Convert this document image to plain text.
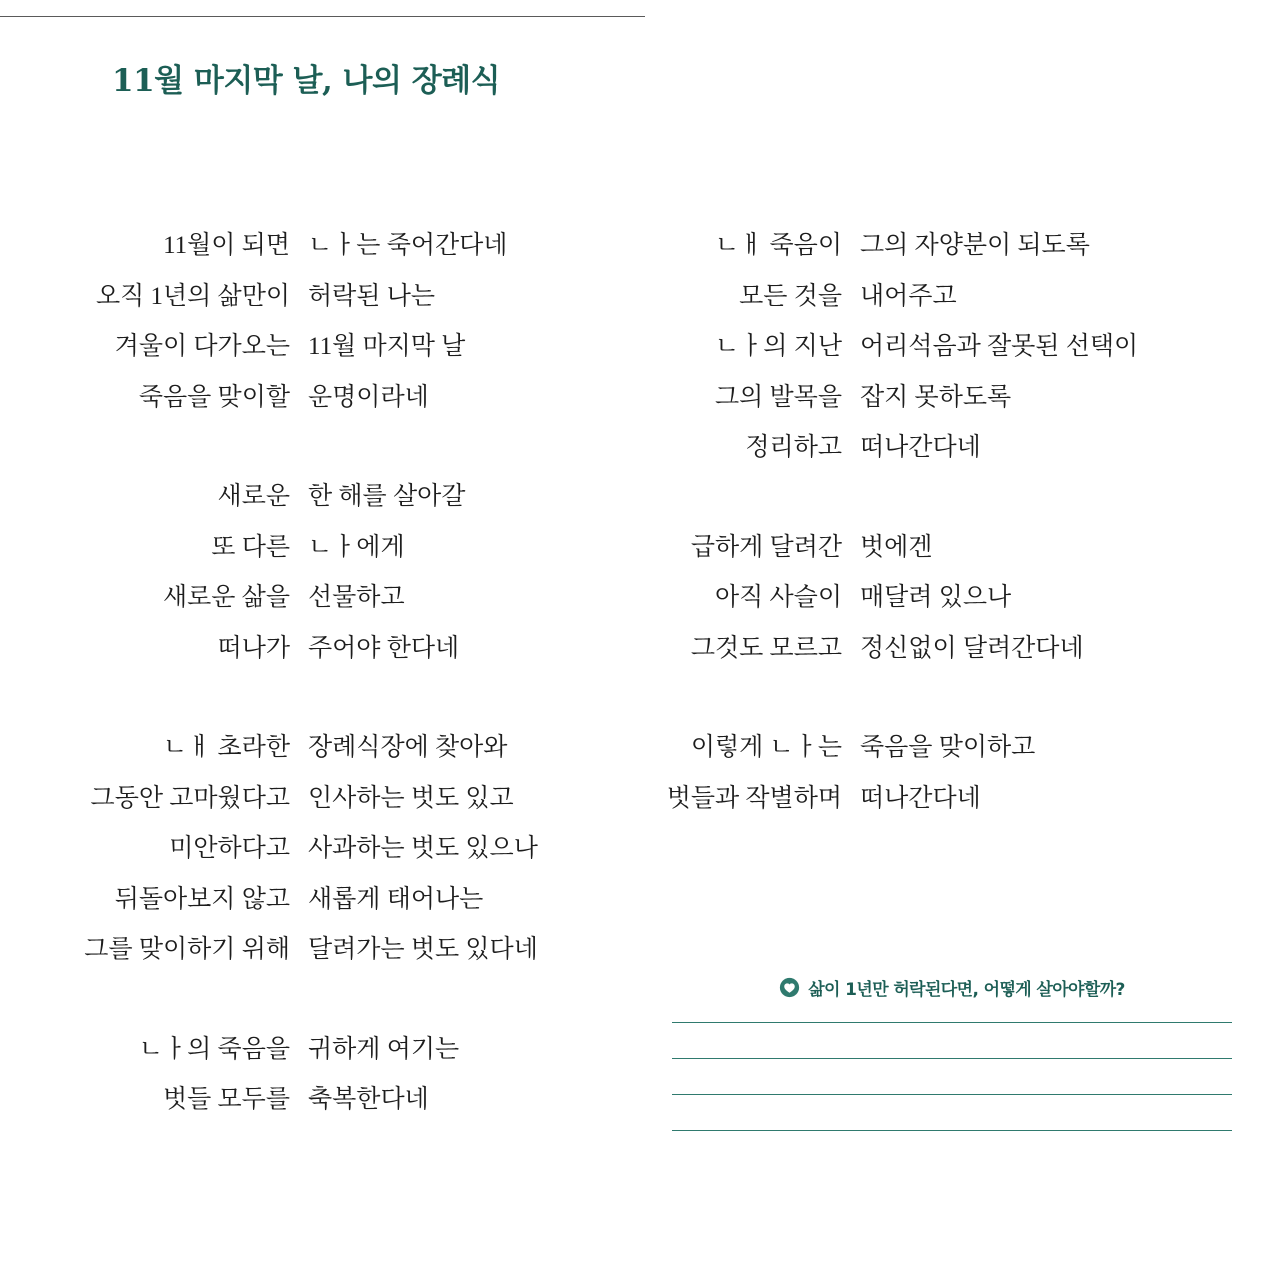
11월 마지막 날, 나의 장례식
11월이 되면 ㄴㅏ는 죽어간다네
오직 1년의 삶만이 허락된 나는
겨울이 다가오는 11월 마지막 날
죽음을 맞이할 운명이라네
새로운 한 해를 살아갈
또 다른 ㄴㅏ에게
새로운 삶을 선물하고
떠나가 주어야 한다네
ㄴㅐ 초라한 장례식장에 찾아와
그동안 고마웠다고 인사하는 벗도 있고
미안하다고 사과하는 벗도 있으나
뒤돌아보지 않고 새롭게 태어나는
그를 맞이하기 위해 달려가는 벗도 있다네
ㄴㅏ의 죽음을 귀하게 여기는
벗들 모두를 축복한다네
ㄴㅐ 죽음이 그의 자양분이 되도록
모든 것을 내어주고
ㄴㅏ의 지난 어리석음과 잘못된 선택이
그의 발목을 잡지 못하도록
정리하고 떠나간다네
급하게 달려간 벗에겐
아직 사슬이 매달려 있으나
그것도 모르고 정신없이 달려간다네
이렇게 ㄴㅏ는 죽음을 맞이하고
벗들과 작별하며 떠나간다네
삶이 1년만 허락된다면, 어떻게 살아야할까?
